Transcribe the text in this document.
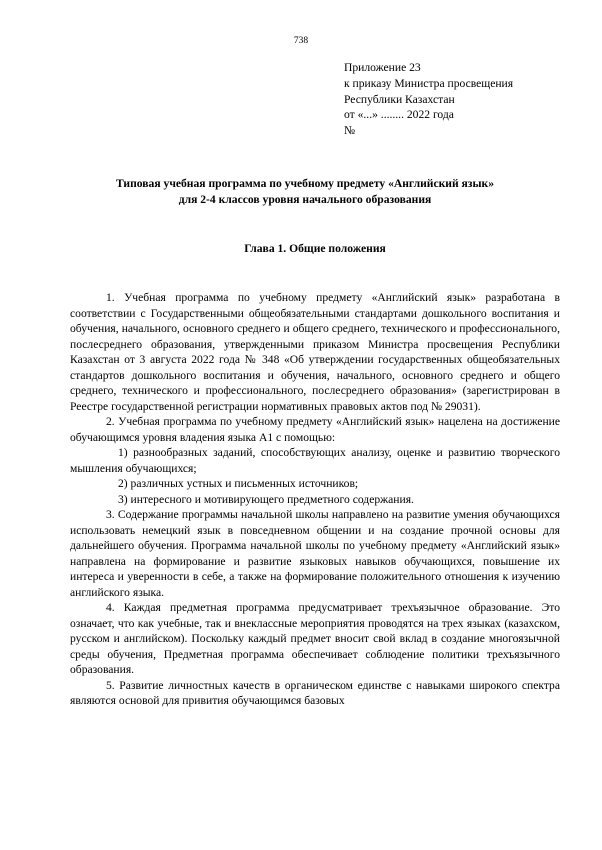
738
Приложение 23
к приказу Министра просвещения
Республики Казахстан
от «...» ........ 2022 года
№
Типовая учебная программа по учебному предмету «Английский язык»
для 2-4 классов уровня начального образования
Глава 1. Общие положения

1. Учебная программа по учебному предмету «Английский язык» разработана в соответствии с Государственными общеобязательными стандартами дошкольного воспитания и обучения, начального, основного среднего и общего среднего, технического и профессионального, послесреднего образования, утвержденными приказом Министра просвещения Республики Казахстан от 3 августа 2022 года № 348 «Об утверждении государственных общеобязательных стандартов дошкольного воспитания и обучения, начального, основного среднего и общего среднего, технического и профессионального, послесреднего образования» (зарегистрирован в Реестре государственной регистрации нормативных правовых актов под № 29031).

2. Учебная программа по учебному предмету «Английский язык» нацелена на достижение обучающимся уровня владения языка А1 с помощью:

1) разнообразных заданий, способствующих анализу, оценке и развитию творческого мышления обучающихся;

2) различных устных и письменных источников;

3) интересного и мотивирующего предметного содержания.

3. Содержание программы начальной школы направлено на развитие умения обучающихся использовать немецкий язык в повседневном общении и на создание прочной основы для дальнейшего обучения. Программа начальной школы по учебному предмету «Английский язык» направлена на формирование и развитие языковых навыков обучающихся, повышение их интереса и уверенности в себе, а также на формирование положительного отношения к изучению английского языка.

4. Каждая предметная программа предусматривает трехъязычное образование. Это означает, что как учебные, так и внеклассные мероприятия проводятся на трех языках (казахском, русском и английском). Поскольку каждый предмет вносит свой вклад в создание многоязычной среды обучения, Предметная программа обеспечивает соблюдение политики трехъязычного образования.

5. Развитие личностных качеств в органическом единстве с навыками широкого спектра являются основой для привития обучающимся базовых
